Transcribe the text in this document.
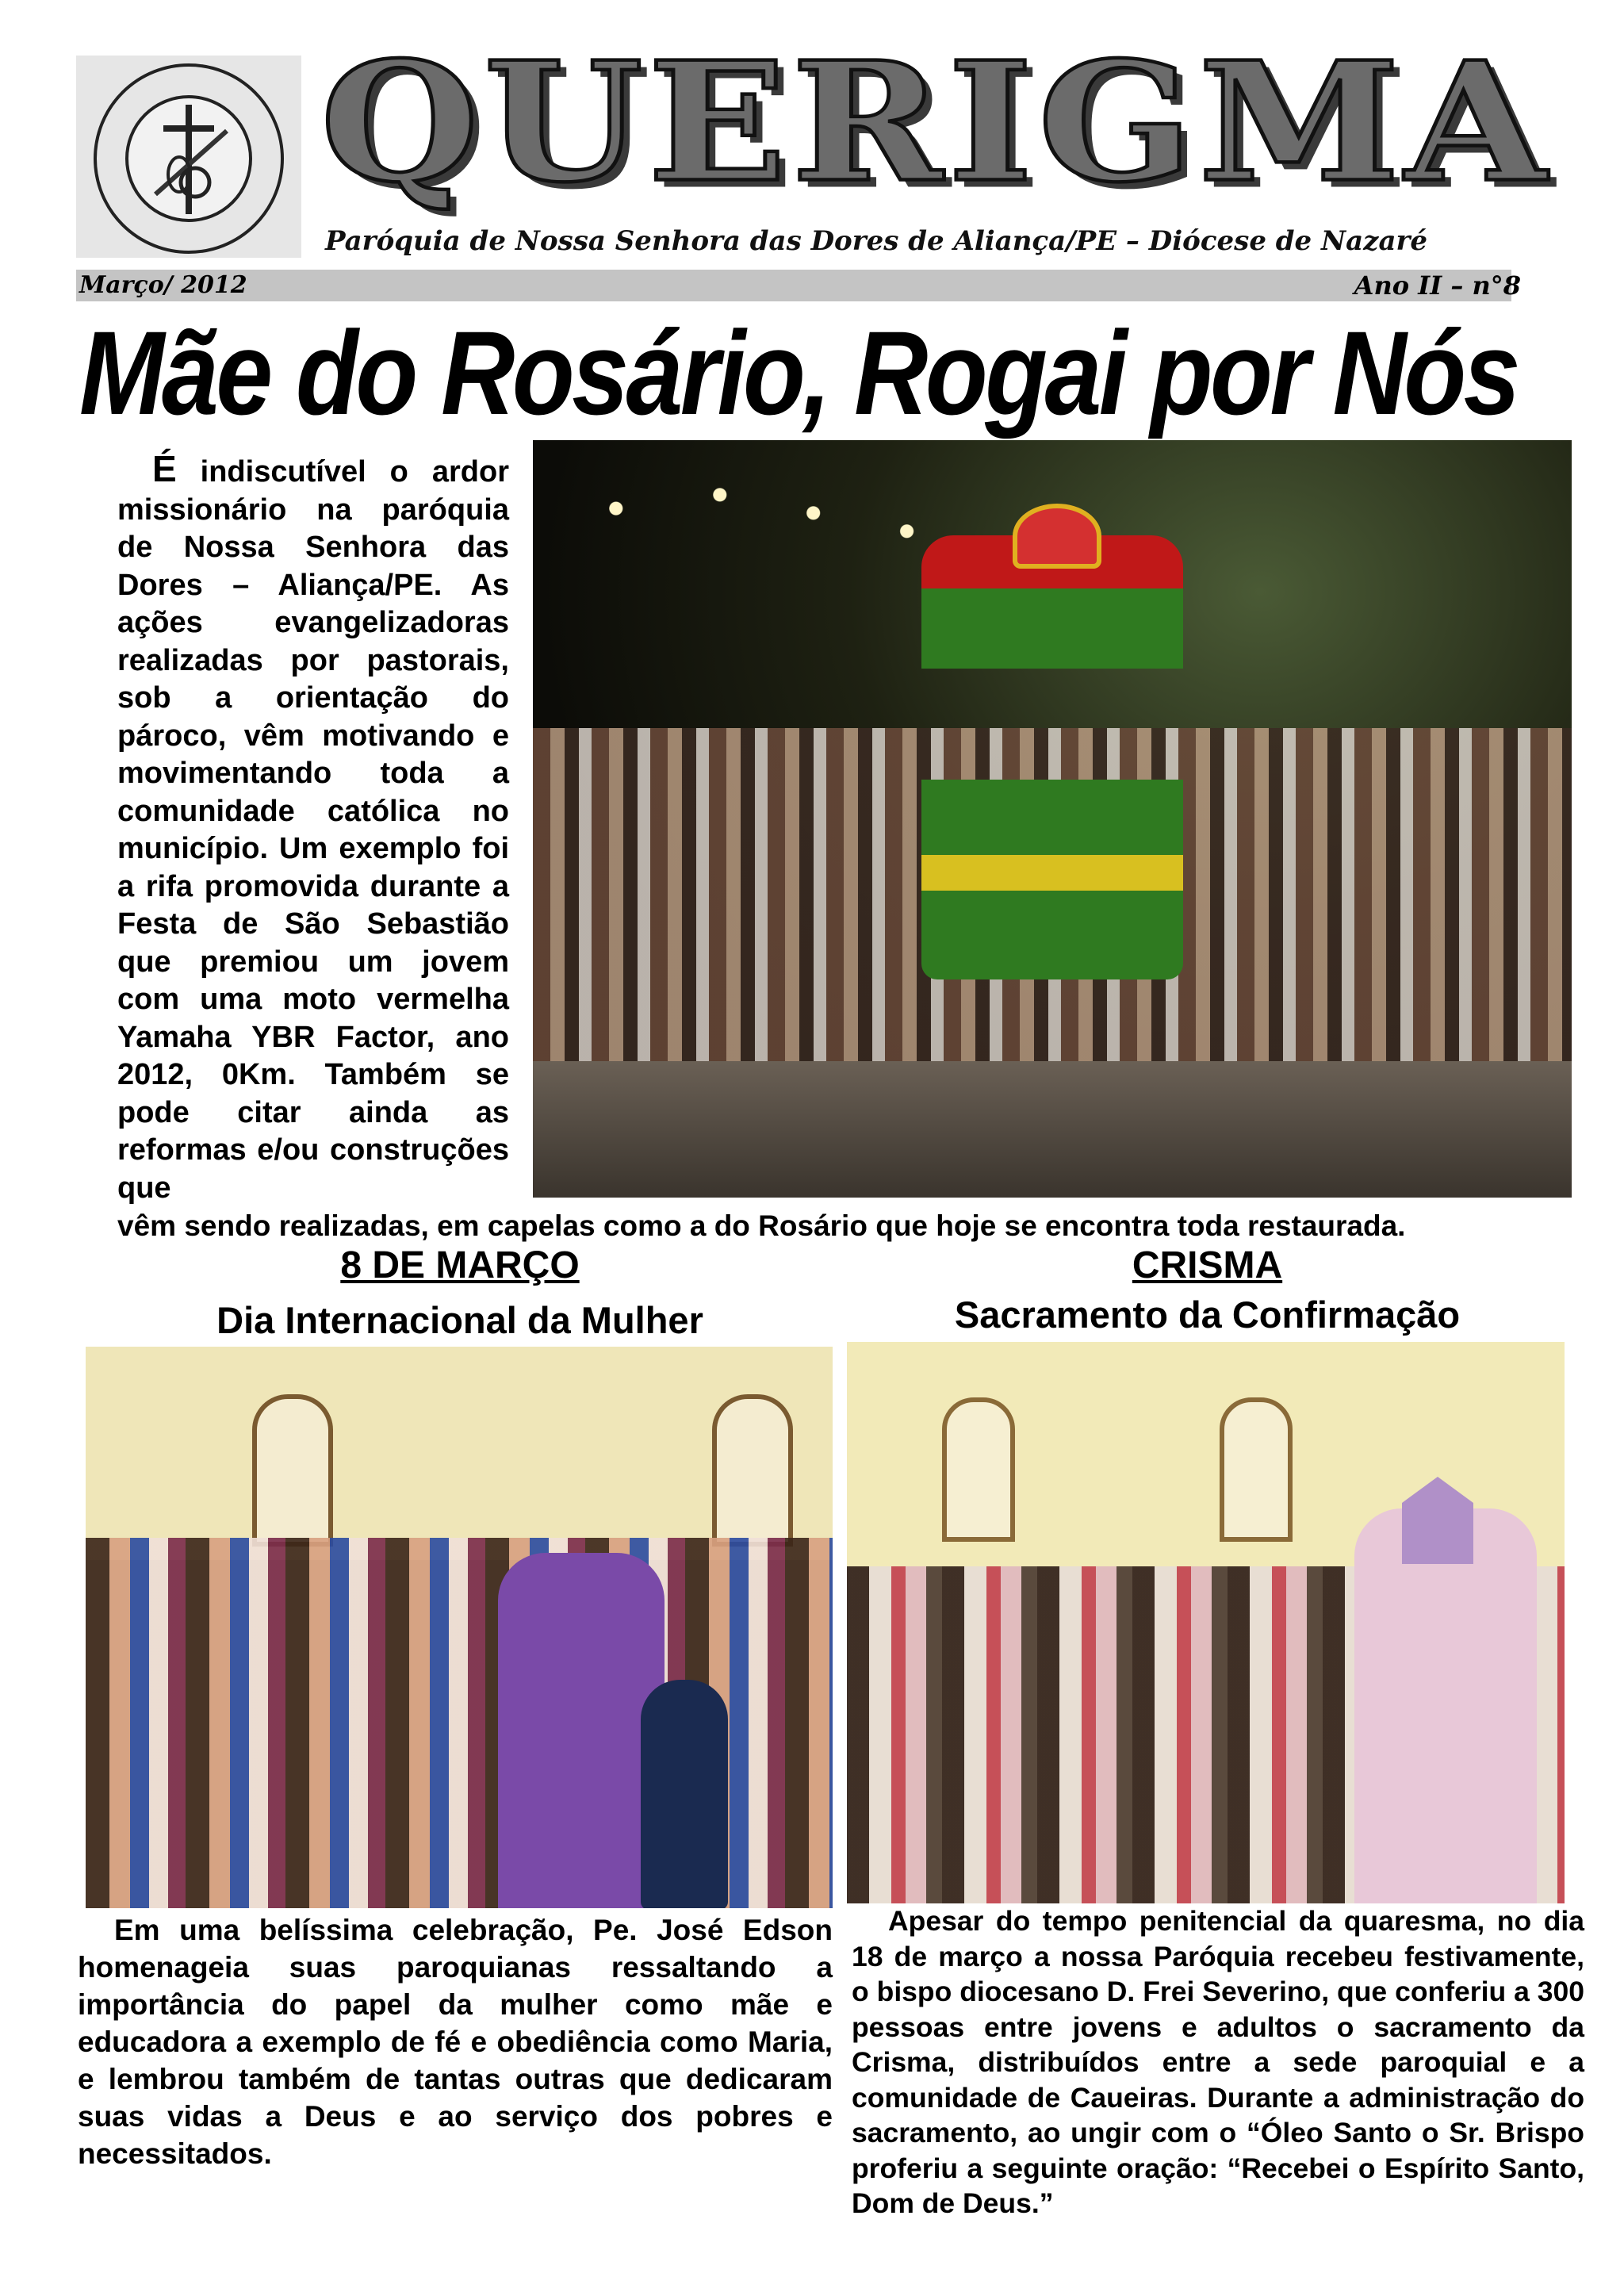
QUERIGMA
Paróquia de Nossa Senhora das Dores de Aliança/PE – Diócese de Nazaré
Março/ 2012	Ano II – n°8
Mãe do Rosário, Rogai por Nós
É indiscutível o ardor missionário na paróquia de Nossa Senhora das Dores – Aliança/PE. As ações evangelizadoras realizadas por pastorais, sob a orientação do pároco, vêm motivando e movimentando toda a comunidade católica no município. Um exemplo foi a rifa promovida durante a Festa de São Sebastião que premiou um jovem com uma moto vermelha Yamaha YBR Factor, ano 2012, 0Km. Também se pode citar ainda as reformas e/ou construções que
vêm sendo realizadas, em capelas como a do Rosário que hoje se encontra toda restaurada.
8 DE MARÇO
Dia Internacional da Mulher
Em uma belíssima celebração, Pe. José Edson homenageia suas paroquianas ressaltando a importância do papel da mulher como mãe e educadora a exemplo de fé e obediência como Maria, e lembrou também de tantas outras que dedicaram suas vidas a Deus e ao serviço dos pobres e necessitados.
CRISMA
Sacramento da Confirmação
Apesar do tempo penitencial da quaresma, no dia 18 de março a nossa Paróquia recebeu festivamente, o bispo diocesano D. Frei Severino, que conferiu a 300 pessoas entre jovens e adultos o sacramento da Crisma, distribuídos entre a sede paroquial e a comunidade de Caueiras. Durante a administração do sacramento, ao ungir com o “Óleo Santo o Sr. Brispo proferiu a seguinte oração: “Recebei o Espírito Santo, Dom de Deus.”
